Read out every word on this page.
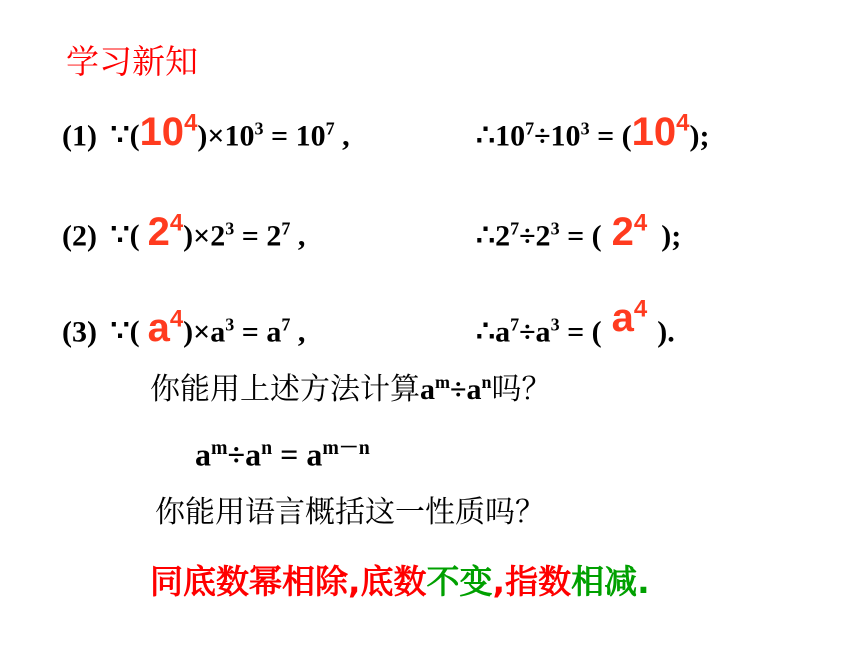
学习新知
(1) $\because(10^4)\times 10^3 = 10^7$ ,	$\therefore 10^7\div 10^3 = (10^4)$;
(2) ∵( $2^4)\times 2^3 = 2^7$ ,	$\therefore 2^7\div 2^3$ = ( $2^4$ );
(3) ∵( $a^4)\times a^3 = a^7$ ,	$\therefore a^7\div a^3$ = ( $a^4$).
你能用上述方法计算$a^m\div a^n$吗？
$a^m\div a^n = a^{m-n}$
你能用语言概括这一性质吗？
同底数幂相除,底数不变,指数相减.
